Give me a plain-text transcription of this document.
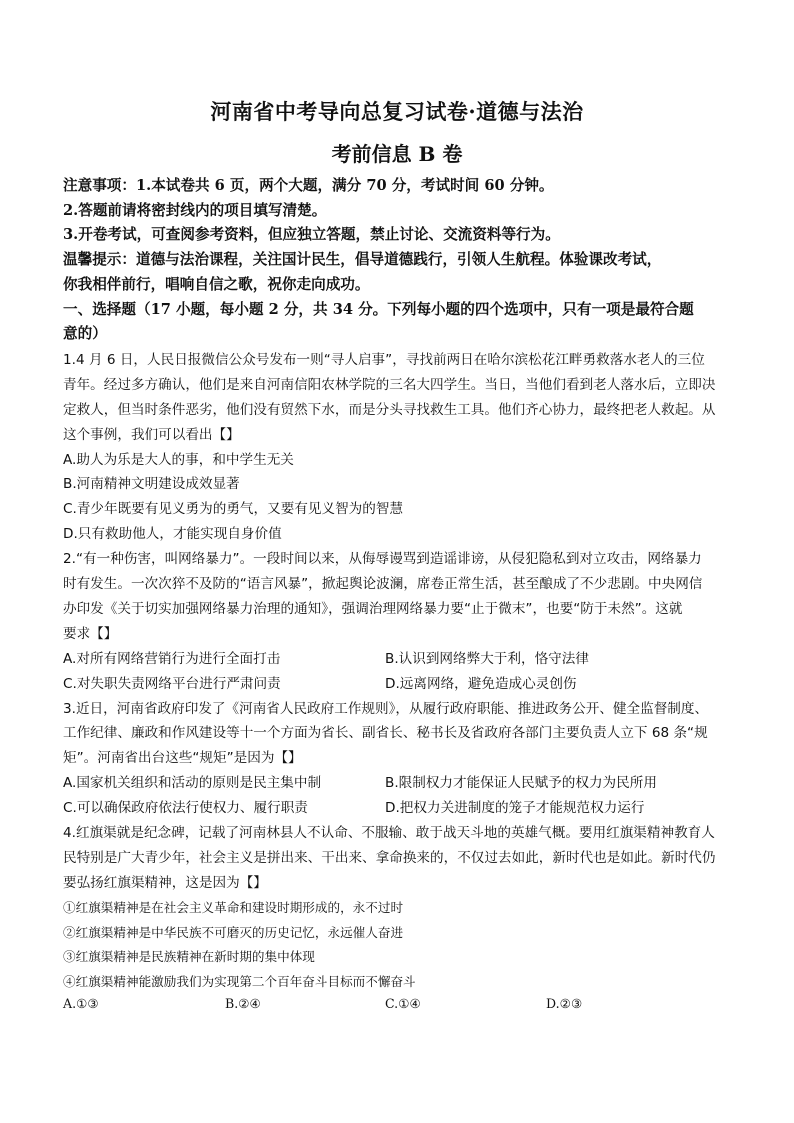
河南省中考导向总复习试卷·道德与法治
考前信息 B 卷
注意事项：1.本试卷共 6 页，两个大题，满分 70 分，考试时间 60 分钟。
2.答题前请将密封线内的项目填写清楚。
3.开卷考试，可查阅参考资料，但应独立答题，禁止讨论、交流资料等行为。
温馨提示：道德与法治课程，关注国计民生，倡导道德践行，引领人生航程。体验课改考试，
你我相伴前行，唱响自信之歌，祝你走向成功。
一、选择题（17 小题，每小题 2 分，共 34 分。下列每小题的四个选项中，只有一项是最符合题
意的）
1.4 月 6 日，人民日报微信公众号发布一则“寻人启事”，寻找前两日在哈尔滨松花江畔勇救落水老人的三位
青年。经过多方确认，他们是来自河南信阳农林学院的三名大四学生。当日，当他们看到老人落水后，立即决
定救人，但当时条件恶劣，他们没有贸然下水，而是分头寻找救生工具。他们齐心协力，最终把老人救起。从
这个事例，我们可以看出【】
A.助人为乐是大人的事，和中学生无关
B.河南精神文明建设成效显著
C.青少年既要有见义勇为的勇气，又要有见义智为的智慧
D.只有救助他人，才能实现自身价值
2.“有一种伤害，叫网络暴力”。一段时间以来，从侮辱谩骂到造谣诽谤，从侵犯隐私到对立攻击，网络暴力
时有发生。一次次猝不及防的“语言风暴”，掀起舆论波澜，席卷正常生活，甚至酿成了不少悲剧。中央网信
办印发《关于切实加强网络暴力治理的通知》，强调治理网络暴力要“止于微末”，也要“防于未然”。这就
要求【】
A.对所有网络营销行为进行全面打击	B.认识到网络弊大于利，恪守法律
C.对失职失责网络平台进行严肃问责	D.远离网络，避免造成心灵创伤
3.近日，河南省政府印发了《河南省人民政府工作规则》，从履行政府职能、推进政务公开、健全监督制度、
工作纪律、廉政和作风建设等十一个方面为省长、副省长、秘书长及省政府各部门主要负责人立下 68 条“规
矩”。河南省出台这些“规矩”是因为【】
A.国家机关组织和活动的原则是民主集中制	B.限制权力才能保证人民赋予的权力为民所用
C.可以确保政府依法行使权力、履行职责	D.把权力关进制度的笼子才能规范权力运行
4.红旗渠就是纪念碑，记载了河南林县人不认命、不服输、敢于战天斗地的英雄气概。要用红旗渠精神教育人
民特别是广大青少年，社会主义是拼出来、干出来、拿命换来的，不仅过去如此，新时代也是如此。新时代仍
要弘扬红旗渠精神，这是因为【】
①红旗渠精神是在社会主义革命和建设时期形成的，永不过时
②红旗渠精神是中华民族不可磨灭的历史记忆，永远催人奋进
③红旗渠精神是民族精神在新时期的集中体现
④红旗渠精神能激励我们为实现第二个百年奋斗目标而不懈奋斗
A.①③	B.②④	C.①④	D.②③
